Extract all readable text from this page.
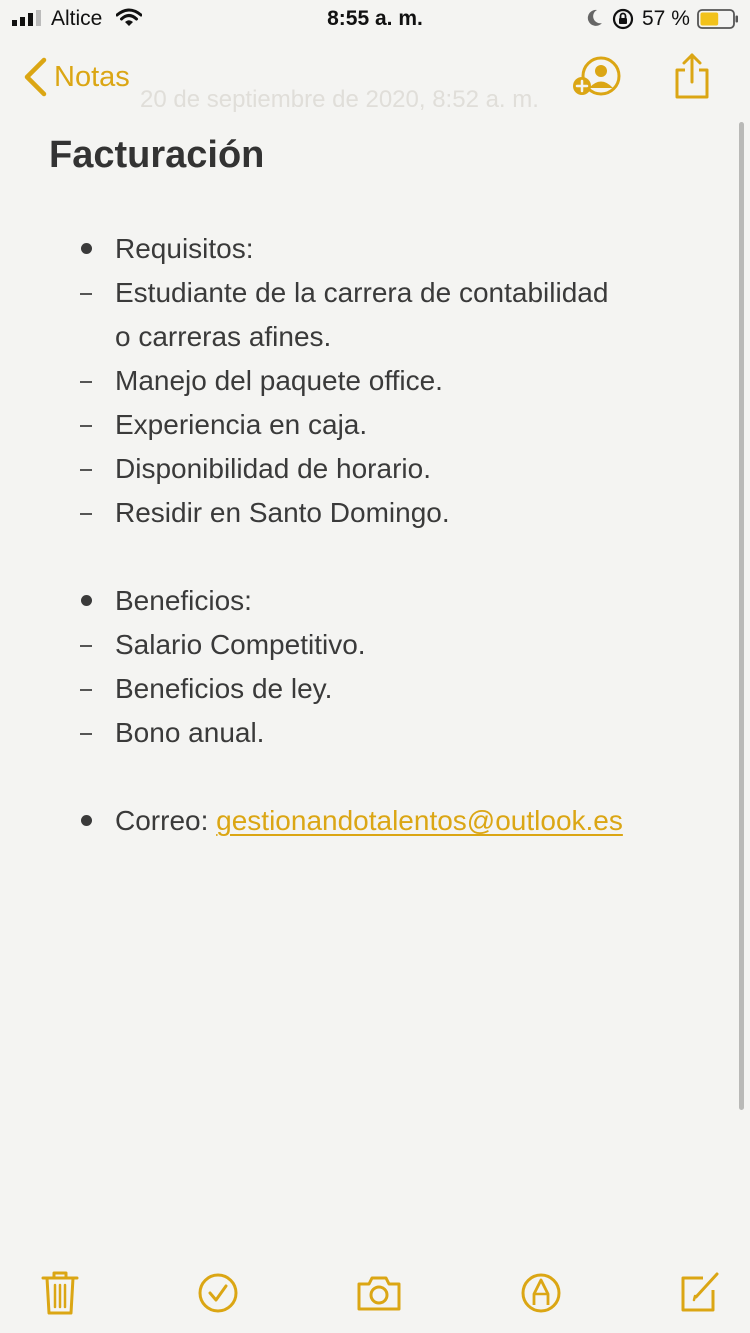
Altice	8:55 a. m.	57 %
Notas
20 de septiembre de 2020, 8:52 a. m.
Facturación
Requisitos:
Estudiante de la carrera de contabilidad
o carreras afines.
Manejo del paquete office.
Experiencia en caja.
Disponibilidad de horario.
Residir en Santo Domingo.
Beneficios:
Salario Competitivo.
Beneficios de ley.
Bono anual.
Correo: gestionandotalentos@outlook.es
